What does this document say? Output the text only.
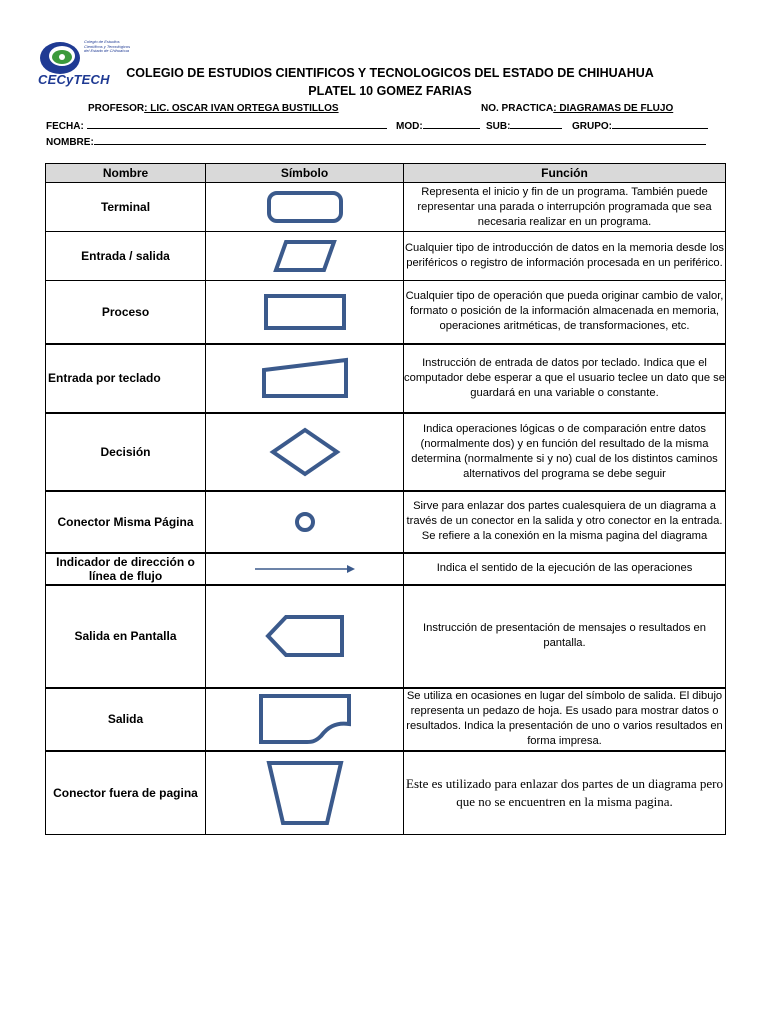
Colegio de Estudios Científicos y Tecnológicos del Estado de Chihuahua
CECyTECH	COLEGIO DE ESTUDIOS CIENTIFICOS Y TECNOLOGICOS DEL ESTADO DE CHIHUAHUA
PLATEL 10 GOMEZ FARIAS
PROFESOR: LIC. OSCAR IVAN ORTEGA BUSTILLOS	NO. PRACTICA: DIAGRAMAS DE FLUJO
FECHA:	MOD:	SUB:	GRUPO:
NOMBRE:
Nombre	Símbolo	Función
Terminal		Representa el inicio y fin de un programa. También puede representar una parada o interrupción programada que sea necesaria realizar en un programa.
Entrada / salida		Cualquier tipo de introducción de datos en la memoria desde los periféricos o registro de información procesada en un periférico.
Proceso		Cualquier tipo de operación que pueda originar cambio de valor, formato o posición de la información almacenada en memoria, operaciones aritméticas, de transformaciones, etc.
Entrada por teclado		Instrucción de entrada de datos por teclado. Indica que el computador debe esperar a que el usuario teclee un dato que se guardará en una variable o constante.
Decisión		Indica operaciones lógicas o de comparación entre datos (normalmente dos) y en función del resultado de la misma determina (normalmente si y no) cual de los distintos caminos alternativos del programa se debe seguir
Conector Misma Página		Sirve para enlazar dos partes cualesquiera de un diagrama a través de un conector en la salida y otro conector en la entrada. Se refiere a la conexión en la misma pagina del diagrama
Indicador de dirección o línea de flujo		Indica el sentido de la ejecución de las operaciones
Salida en Pantalla		Instrucción de presentación de mensajes o resultados en pantalla.
Salida		Se utiliza en ocasiones en lugar del símbolo de salida. El dibujo representa un pedazo de hoja. Es usado para mostrar datos o resultados. Indica la presentación de uno o varios resultados en forma impresa.
Conector fuera de pagina		Este es utilizado para enlazar dos partes de un diagrama pero que no se encuentren en la misma pagina.
